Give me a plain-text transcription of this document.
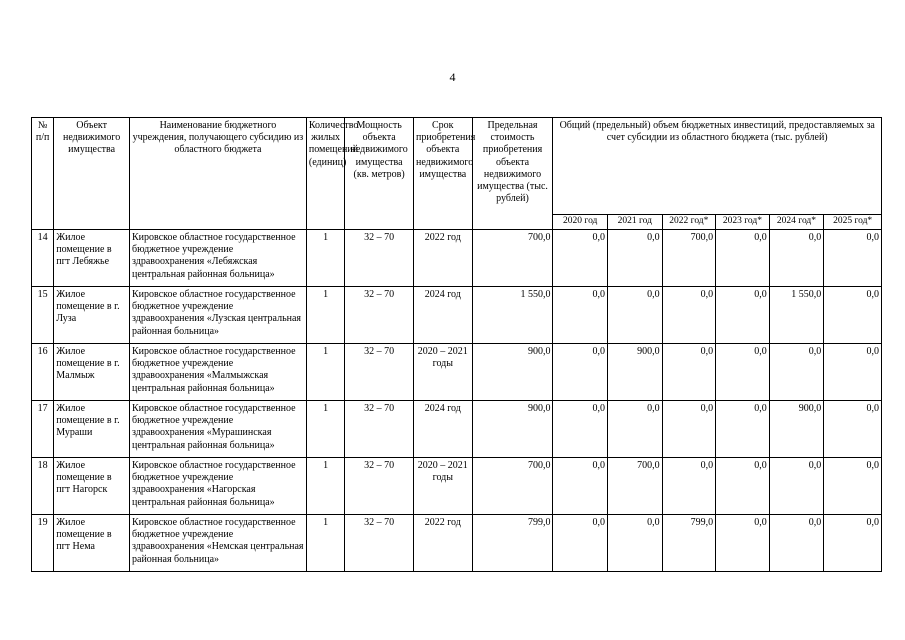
4
№ п/п	Объект недвижимого имущества	Наименование бюджетного учреждения, получающего субсидию из областного бюджета	Количество жилых помещений (единиц)	Мощность объекта недвижимого имущества (кв. метров)	Срок приобретения объекта недвижимого имущества	Предельная стоимость приобретения объекта недвижимого имущества (тыс. рублей)	Общий (предельный) объем бюджетных инвестиций, предоставляемых за счет субсидии из областного бюджета (тыс. рублей)					
							2020 год	2021 год	2022 год*	2023 год*	2024 год*	2025 год*
14	Жилое помещение в пгт Лебяжье	Кировское областное государственное бюджетное учреждение здравоохранения «Лебяжская центральная районная больница»	1	32 – 70	2022 год	700,0	0,0	0,0	700,0	0,0	0,0	0,0
15	Жилое помещение в г. Луза	Кировское областное государственное бюджетное учреждение здравоохранения «Лузская центральная районная больница»	1	32 – 70	2024 год	1 550,0	0,0	0,0	0,0	0,0	1 550,0	0,0
16	Жилое помещение в г. Малмыж	Кировское областное государственное бюджетное учреждение здравоохранения «Малмыжская центральная районная больница»	1	32 – 70	2020 – 2021 годы	900,0	0,0	900,0	0,0	0,0	0,0	0,0
17	Жилое помещение в г. Мураши	Кировское областное государственное бюджетное учреждение здравоохранения «Мурашинская центральная районная больница»	1	32 – 70	2024 год	900,0	0,0	0,0	0,0	0,0	900,0	0,0
18	Жилое помещение в пгт Нагорск	Кировское областное государственное бюджетное учреждение здравоохранения «Нагорская центральная районная больница»	1	32 – 70	2020 – 2021 годы	700,0	0,0	700,0	0,0	0,0	0,0	0,0
19	Жилое помещение в пгт Нема	Кировское областное государственное бюджетное учреждение здравоохранения «Немская центральная районная больница»	1	32 – 70	2022 год	799,0	0,0	0,0	799,0	0,0	0,0	0,0
